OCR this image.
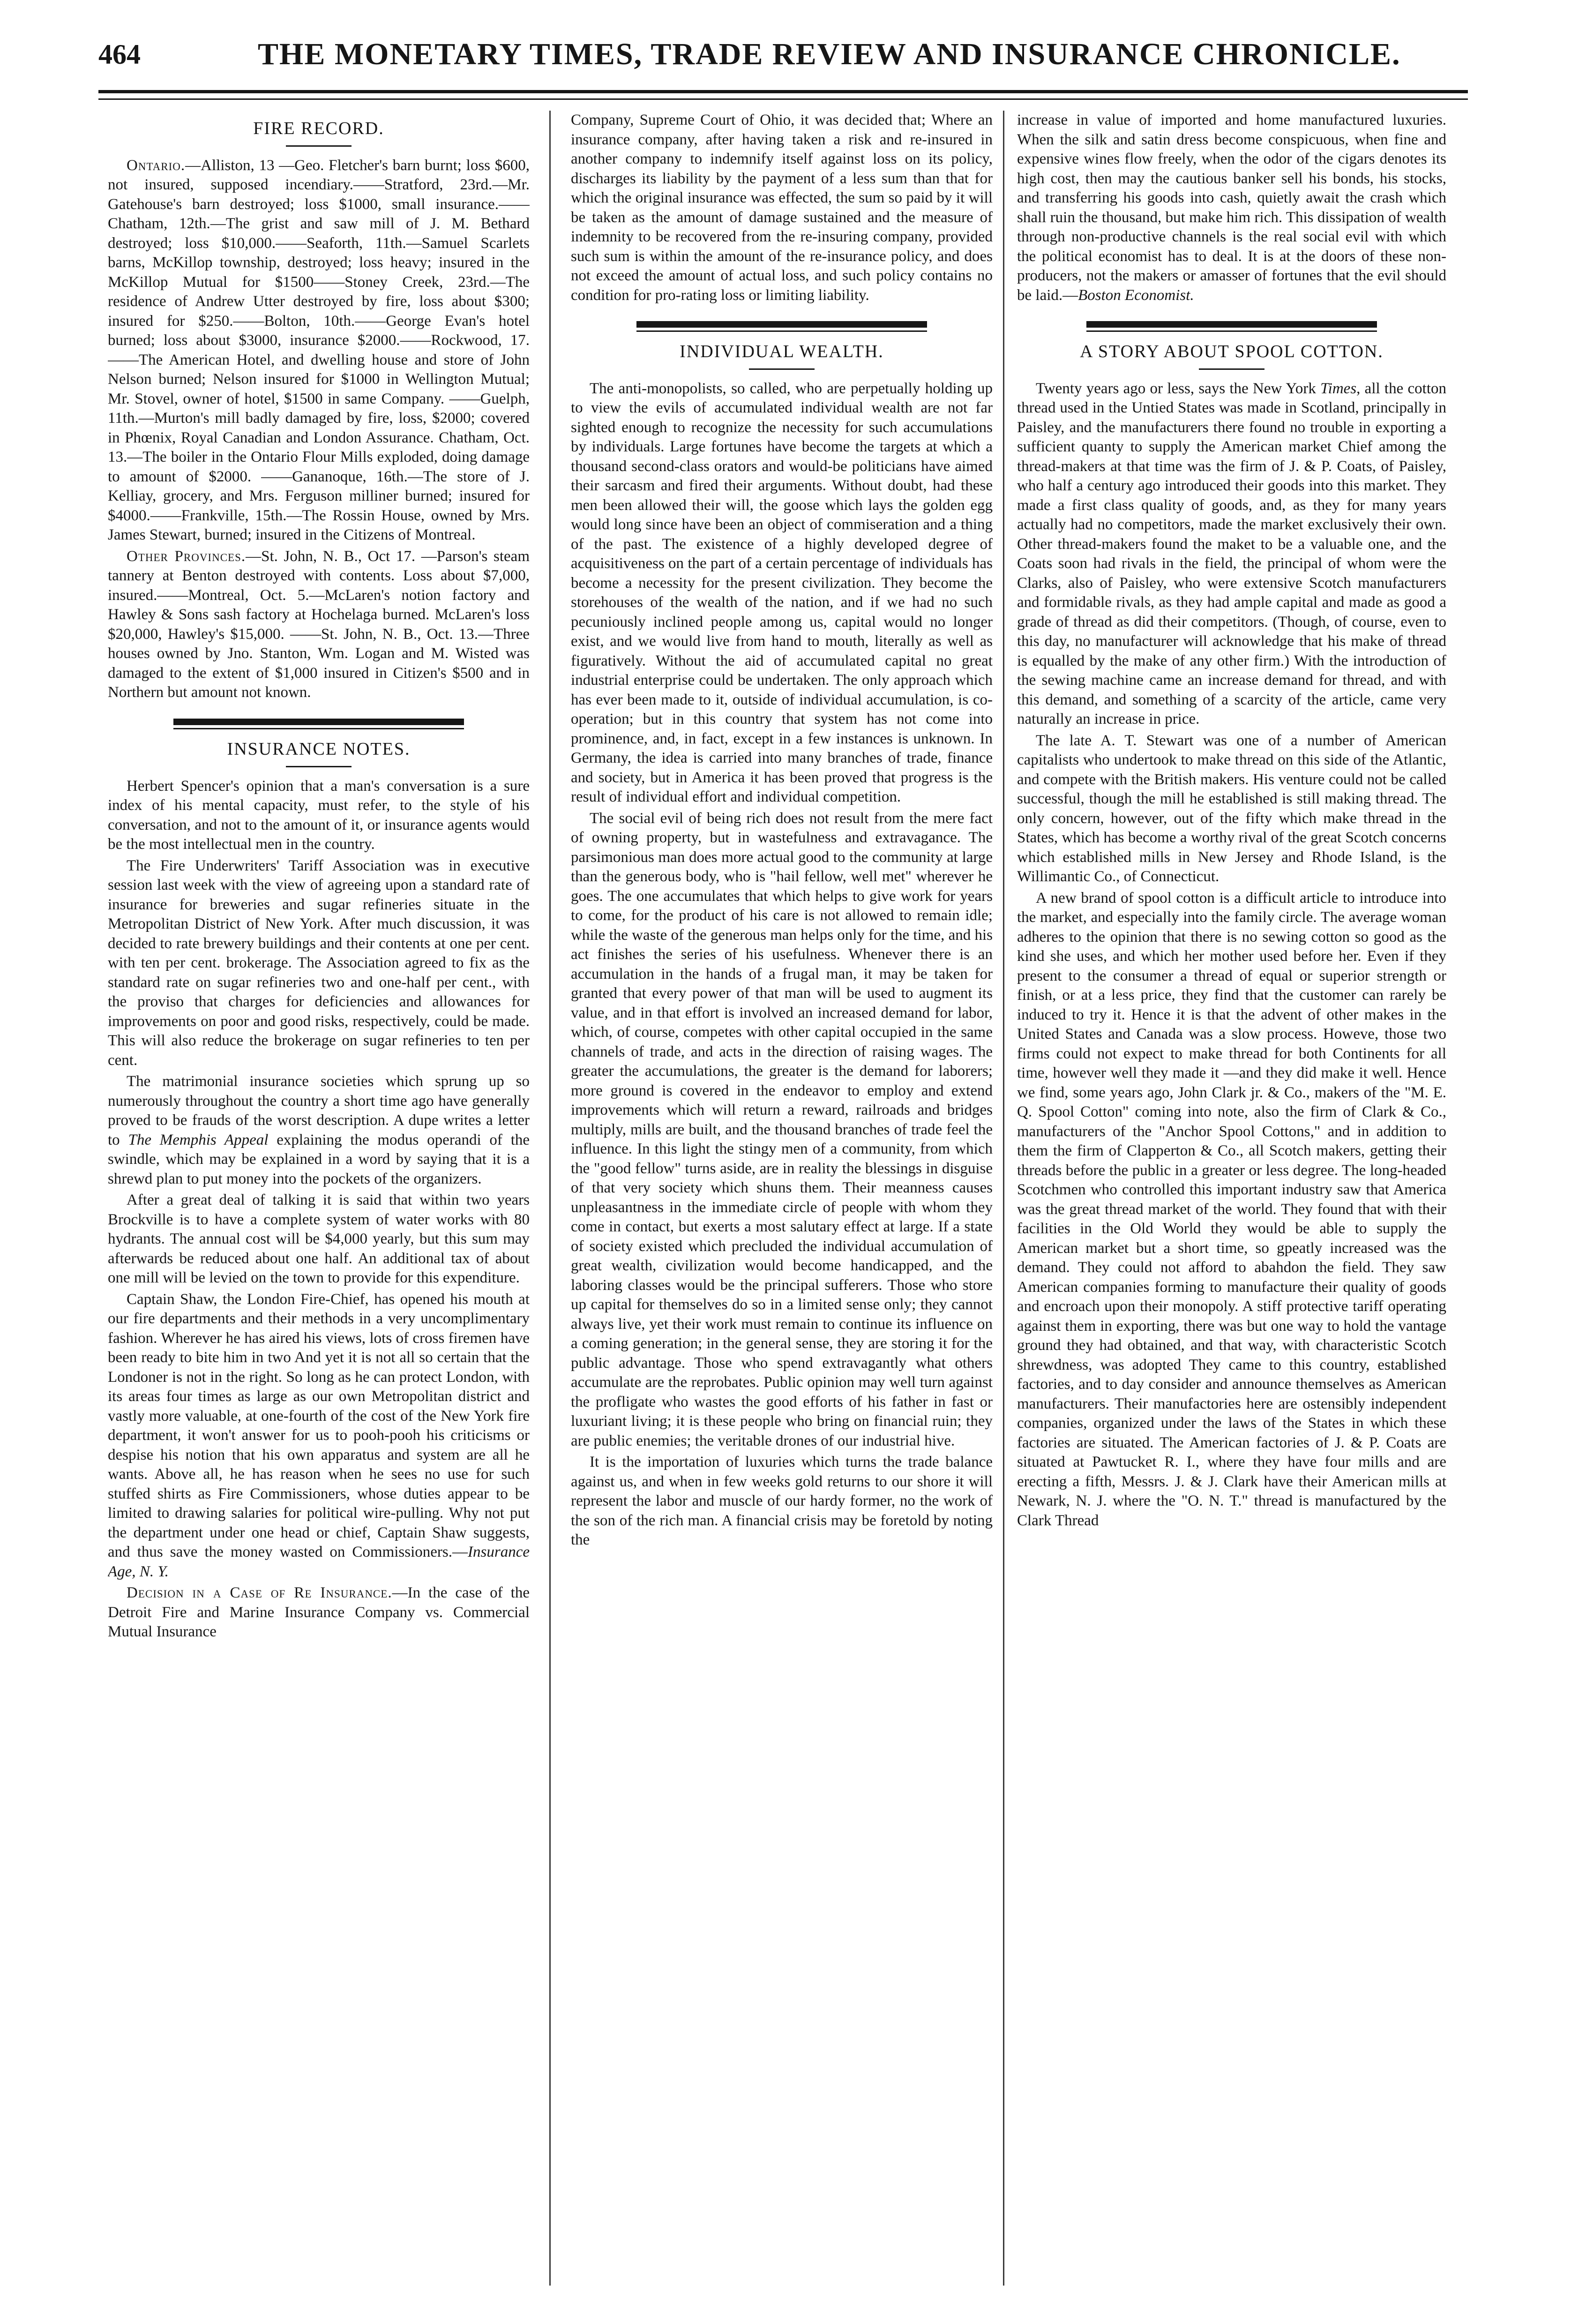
464	THE MONETARY TIMES, TRADE REVIEW AND INSURANCE CHRONICLE.
FIRE RECORD.

Ontario.—Alliston, 13 —Geo. Fletcher's barn burnt; loss $600, not insured, supposed incendiary.——Stratford, 23rd.—Mr. Gatehouse's barn destroyed; loss $1000, small insurance.——Chatham, 12th.—The grist and saw mill of J. M. Bethard destroyed; loss $10,000.——Seaforth, 11th.—Samuel Scarlets barns, McKillop township, destroyed; loss heavy; insured in the McKillop Mutual for $1500——Stoney Creek, 23rd.—The residence of Andrew Utter destroyed by fire, loss about $300; insured for $250.——Bolton, 10th.——George Evan's hotel burned; loss about $3000, insurance $2000.——Rockwood, 17.——The American Hotel, and dwelling house and store of John Nelson burned; Nelson insured for $1000 in Wellington Mutual; Mr. Stovel, owner of hotel, $1500 in same Company. ——Guelph, 11th.—Murton's mill badly damaged by fire, loss, $2000; covered in Phœnix, Royal Canadian and London Assurance. Chatham, Oct. 13.—The boiler in the Ontario Flour Mills exploded, doing damage to amount of $2000. ——Gananoque, 16th.—The store of J. Kelliay, grocery, and Mrs. Ferguson milliner burned; insured for $4000.——Frankville, 15th.—The Rossin House, owned by Mrs. James Stewart, burned; insured in the Citizens of Montreal.

Other Provinces.—St. John, N. B., Oct 17. —Parson's steam tannery at Benton destroyed with contents. Loss about $7,000, insured.——Montreal, Oct. 5.—McLaren's notion factory and Hawley & Sons sash factory at Hochelaga burned. McLaren's loss $20,000, Hawley's $15,000. ——St. John, N. B., Oct. 13.—Three houses owned by Jno. Stanton, Wm. Logan and M. Wisted was damaged to the extent of $1,000 insured in Citizen's $500 and in Northern but amount not known.

INSURANCE NOTES.

Herbert Spencer's opinion that a man's conversation is a sure index of his mental capacity, must refer, to the style of his conversation, and not to the amount of it, or insurance agents would be the most intellectual men in the country.

The Fire Underwriters' Tariff Association was in executive session last week with the view of agreeing upon a standard rate of insurance for breweries and sugar refineries situate in the Metropolitan District of New York. After much discussion, it was decided to rate brewery buildings and their contents at one per cent. with ten per cent. brokerage. The Association agreed to fix as the standard rate on sugar refineries two and one-half per cent., with the proviso that charges for deficiencies and allowances for improvements on poor and good risks, respectively, could be made. This will also reduce the brokerage on sugar refineries to ten per cent.

The matrimonial insurance societies which sprung up so numerously throughout the country a short time ago have generally proved to be frauds of the worst description. A dupe writes a letter to The Memphis Appeal explaining the modus operandi of the swindle, which may be explained in a word by saying that it is a shrewd plan to put money into the pockets of the organizers.

After a great deal of talking it is said that within two years Brockville is to have a complete system of water works with 80 hydrants. The annual cost will be $4,000 yearly, but this sum may afterwards be reduced about one half. An additional tax of about one mill will be levied on the town to provide for this expenditure.

Captain Shaw, the London Fire-Chief, has opened his mouth at our fire departments and their methods in a very uncomplimentary fashion. Wherever he has aired his views, lots of cross firemen have been ready to bite him in two And yet it is not all so certain that the Londoner is not in the right. So long as he can protect London, with its areas four times as large as our own Metropolitan district and vastly more valuable, at one-fourth of the cost of the New York fire department, it won't answer for us to pooh-pooh his criticisms or despise his notion that his own apparatus and system are all he wants. Above all, he has reason when he sees no use for such stuffed shirts as Fire Commissioners, whose duties appear to be limited to drawing salaries for political wire-pulling. Why not put the department under one head or chief, Captain Shaw suggests, and thus save the money wasted on Commissioners.—Insurance Age, N. Y.

Decision in a Case of Re Insurance.—In the case of the Detroit Fire and Marine Insurance Company vs. Commercial Mutual Insurance

Company, Supreme Court of Ohio, it was decided that; Where an insurance company, after having taken a risk and re-insured in another company to indemnify itself against loss on its policy, discharges its liability by the payment of a less sum than that for which the original insurance was effected, the sum so paid by it will be taken as the amount of damage sustained and the measure of indemnity to be recovered from the re-insuring company, provided such sum is within the amount of the re-insurance policy, and does not exceed the amount of actual loss, and such policy contains no condition for pro-rating loss or limiting liability.

INDIVIDUAL WEALTH.

The anti-monopolists, so called, who are perpetually holding up to view the evils of accumulated individual wealth are not far sighted enough to recognize the necessity for such accumulations by individuals. Large fortunes have become the targets at which a thousand second-class orators and would-be politicians have aimed their sarcasm and fired their arguments. Without doubt, had these men been allowed their will, the goose which lays the golden egg would long since have been an object of commiseration and a thing of the past. The existence of a highly developed degree of acquisitiveness on the part of a certain percentage of individuals has become a necessity for the present civilization. They become the storehouses of the wealth of the nation, and if we had no such pecuniously inclined people among us, capital would no longer exist, and we would live from hand to mouth, literally as well as figuratively. Without the aid of accumulated capital no great industrial enterprise could be undertaken. The only approach which has ever been made to it, outside of individual accumulation, is co-operation; but in this country that system has not come into prominence, and, in fact, except in a few instances is unknown. In Germany, the idea is carried into many branches of trade, finance and society, but in America it has been proved that progress is the result of individual effort and individual competition.

The social evil of being rich does not result from the mere fact of owning property, but in wastefulness and extravagance. The parsimonious man does more actual good to the community at large than the generous body, who is "hail fellow, well met" wherever he goes. The one accumulates that which helps to give work for years to come, for the product of his care is not allowed to remain idle; while the waste of the generous man helps only for the time, and his act finishes the series of his usefulness. Whenever there is an accumulation in the hands of a frugal man, it may be taken for granted that every power of that man will be used to augment its value, and in that effort is involved an increased demand for labor, which, of course, competes with other capital occupied in the same channels of trade, and acts in the direction of raising wages. The greater the accumulations, the greater is the demand for laborers; more ground is covered in the endeavor to employ and extend improvements which will return a reward, railroads and bridges multiply, mills are built, and the thousand branches of trade feel the influence. In this light the stingy men of a community, from which the "good fellow" turns aside, are in reality the blessings in disguise of that very society which shuns them. Their meanness causes unpleasantness in the immediate circle of people with whom they come in contact, but exerts a most salutary effect at large. If a state of society existed which precluded the individual accumulation of great wealth, civilization would become handicapped, and the laboring classes would be the principal sufferers. Those who store up capital for themselves do so in a limited sense only; they cannot always live, yet their work must remain to continue its influence on a coming generation; in the general sense, they are storing it for the public advantage. Those who spend extravagantly what others accumulate are the reprobates. Public opinion may well turn against the profligate who wastes the good efforts of his father in fast or luxuriant living; it is these people who bring on financial ruin; they are public enemies; the veritable drones of our industrial hive.

It is the importation of luxuries which turns the trade balance against us, and when in few weeks gold returns to our shore it will represent the labor and muscle of our hardy former, no the work of the son of the rich man. A financial crisis may be foretold by noting the

increase in value of imported and home manufactured luxuries. When the silk and satin dress become conspicuous, when fine and expensive wines flow freely, when the odor of the cigars denotes its high cost, then may the cautious banker sell his bonds, his stocks, and transferring his goods into cash, quietly await the crash which shall ruin the thousand, but make him rich. This dissipation of wealth through non-productive channels is the real social evil with which the political economist has to deal. It is at the doors of these non-producers, not the makers or amasser of fortunes that the evil should be laid.—Boston Economist.

A STORY ABOUT SPOOL COTTON.

Twenty years ago or less, says the New York Times, all the cotton thread used in the Untied States was made in Scotland, principally in Paisley, and the manufacturers there found no trouble in exporting a sufficient quanty to supply the American market Chief among the thread-makers at that time was the firm of J. & P. Coats, of Paisley, who half a century ago introduced their goods into this market. They made a first class quality of goods, and, as they for many years actually had no competitors, made the market exclusively their own. Other thread-makers found the maket to be a valuable one, and the Coats soon had rivals in the field, the principal of whom were the Clarks, also of Paisley, who were extensive Scotch manufacturers and formidable rivals, as they had ample capital and made as good a grade of thread as did their competitors. (Though, of course, even to this day, no manufacturer will acknowledge that his make of thread is equalled by the make of any other firm.) With the introduction of the sewing machine came an increase demand for thread, and with this demand, and something of a scarcity of the article, came very naturally an increase in price.

The late A. T. Stewart was one of a number of American capitalists who undertook to make thread on this side of the Atlantic, and compete with the British makers. His venture could not be called successful, though the mill he established is still making thread. The only concern, however, out of the fifty which make thread in the States, which has become a worthy rival of the great Scotch concerns which established mills in New Jersey and Rhode Island, is the Willimantic Co., of Connecticut.

A new brand of spool cotton is a difficult article to introduce into the market, and especially into the family circle. The average woman adheres to the opinion that there is no sewing cotton so good as the kind she uses, and which her mother used before her. Even if they present to the consumer a thread of equal or superior strength or finish, or at a less price, they find that the customer can rarely be induced to try it. Hence it is that the advent of other makes in the United States and Canada was a slow process. Howeve, those two firms could not expect to make thread for both Continents for all time, however well they made it —and they did make it well. Hence we find, some years ago, John Clark jr. & Co., makers of the "M. E. Q. Spool Cotton" coming into note, also the firm of Clark & Co., manufacturers of the "Anchor Spool Cottons," and in addition to them the firm of Clapperton & Co., all Scotch makers, getting their threads before the public in a greater or less degree. The long-headed Scotchmen who controlled this important industry saw that America was the great thread market of the world. They found that with their facilities in the Old World they would be able to supply the American market but a short time, so gpeatly increased was the demand. They could not afford to abahdon the field. They saw American companies forming to manufacture their quality of goods and encroach upon their monopoly. A stiff protective tariff operating against them in exporting, there was but one way to hold the vantage ground they had obtained, and that way, with characteristic Scotch shrewdness, was adopted They came to this country, established factories, and to day consider and announce themselves as American manufacturers. Their manufactories here are ostensibly independent companies, organized under the laws of the States in which these factories are situated. The American factories of J. & P. Coats are situated at Pawtucket R. I., where they have four mills and are erecting a fifth, Messrs. J. & J. Clark have their American mills at Newark, N. J. where the "O. N. T." thread is manufactured by the Clark Thread
